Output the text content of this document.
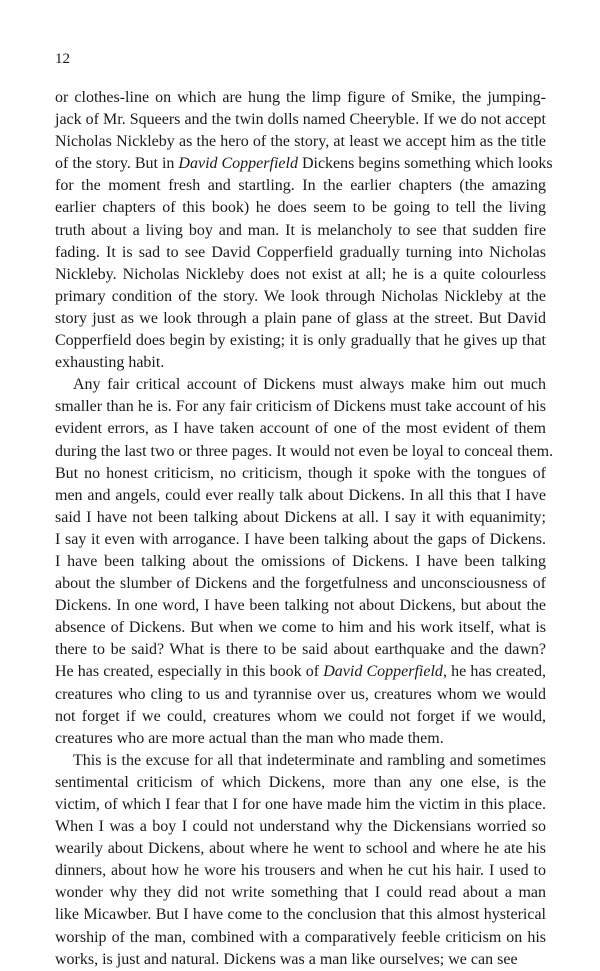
12

or clothes-line on which are hung the limp figure of Smike, the jumping-
jack of Mr. Squeers and the twin dolls named Cheeryble. If we do not accept
Nicholas Nickleby as the hero of the story, at least we accept him as the title
of the story. But in David Copperfield Dickens begins something which looks
for the moment fresh and startling. In the earlier chapters (the amazing
earlier chapters of this book) he does seem to be going to tell the living
truth about a living boy and man. It is melancholy to see that sudden fire
fading. It is sad to see David Copperfield gradually turning into Nicholas
Nickleby. Nicholas Nickleby does not exist at all; he is a quite colourless
primary condition of the story. We look through Nicholas Nickleby at the
story just as we look through a plain pane of glass at the street. But David
Copperfield does begin by existing; it is only gradually that he gives up that
exhausting habit.

Any fair critical account of Dickens must always make him out much
smaller than he is. For any fair criticism of Dickens must take account of his
evident errors, as I have taken account of one of the most evident of them
during the last two or three pages. It would not even be loyal to conceal them.
But no honest criticism, no criticism, though it spoke with the tongues of
men and angels, could ever really talk about Dickens. In all this that I have
said I have not been talking about Dickens at all. I say it with equanimity;
I say it even with arrogance. I have been talking about the gaps of Dickens.
I have been talking about the omissions of Dickens. I have been talking
about the slumber of Dickens and the forgetfulness and unconsciousness of
Dickens. In one word, I have been talking not about Dickens, but about the
absence of Dickens. But when we come to him and his work itself, what is
there to be said? What is there to be said about earthquake and the dawn?
He has created, especially in this book of David Copperfield, he has created,
creatures who cling to us and tyrannise over us, creatures whom we would
not forget if we could, creatures whom we could not forget if we would,
creatures who are more actual than the man who made them.

This is the excuse for all that indeterminate and rambling and sometimes
sentimental criticism of which Dickens, more than any one else, is the
victim, of which I fear that I for one have made him the victim in this place.
When I was a boy I could not understand why the Dickensians worried so
wearily about Dickens, about where he went to school and where he ate his
dinners, about how he wore his trousers and when he cut his hair. I used to
wonder why they did not write something that I could read about a man
like Micawber. But I have come to the conclusion that this almost hysterical
worship of the man, combined with a comparatively feeble criticism on his
works, is just and natural. Dickens was a man like ourselves; we can see
